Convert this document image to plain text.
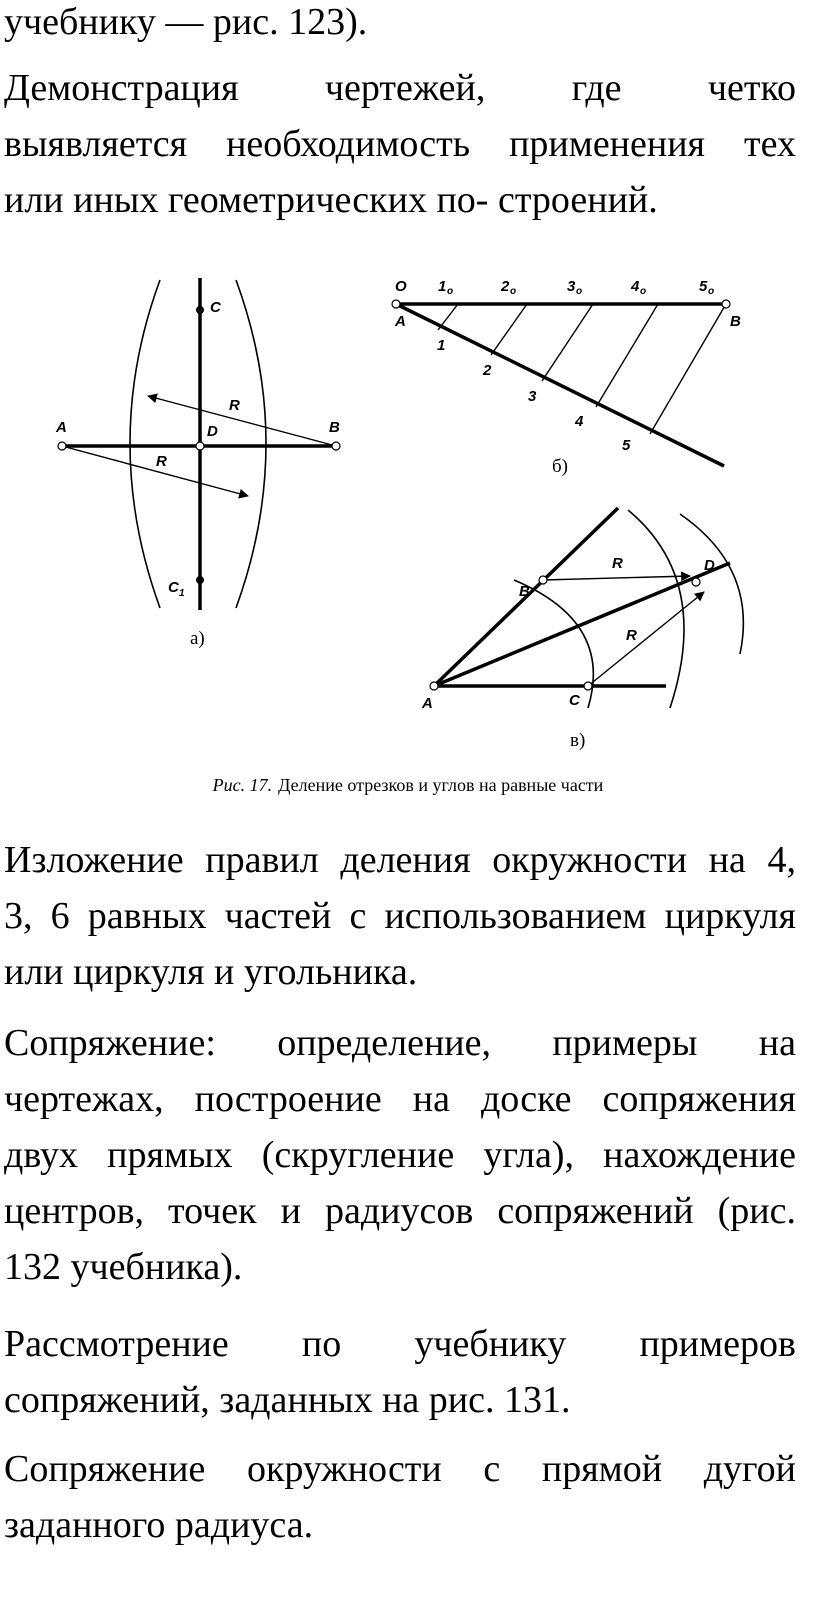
учебнику — рис. 123).
Демонстрация чертежей, где четко
выявляется необходимость применения тех
или иных геометрических по- строений.
A	B
C
D
C 1
R
R
а)
O
A	B
1 o	2 o	3 o	4 o	5 o
1
2
3
4
5
б)
A
B
C
D
R
R
в)
Рис. 17. Деление отрезков и углов на равные части
Изложение правил деления окружности на 4,
3, 6 равных частей с использованием циркуля
или циркуля и угольника.
Сопряжение: определение, примеры на
чертежах, построение на доске сопряжения
двух прямых (скругление угла), нахождение
центров, точек и радиусов сопряжений (рис.
132 учебника).
Рассмотрение по учебнику примеров
сопряжений, заданных на рис. 131.
Сопряжение окружности с прямой дугой
заданного радиуса.
